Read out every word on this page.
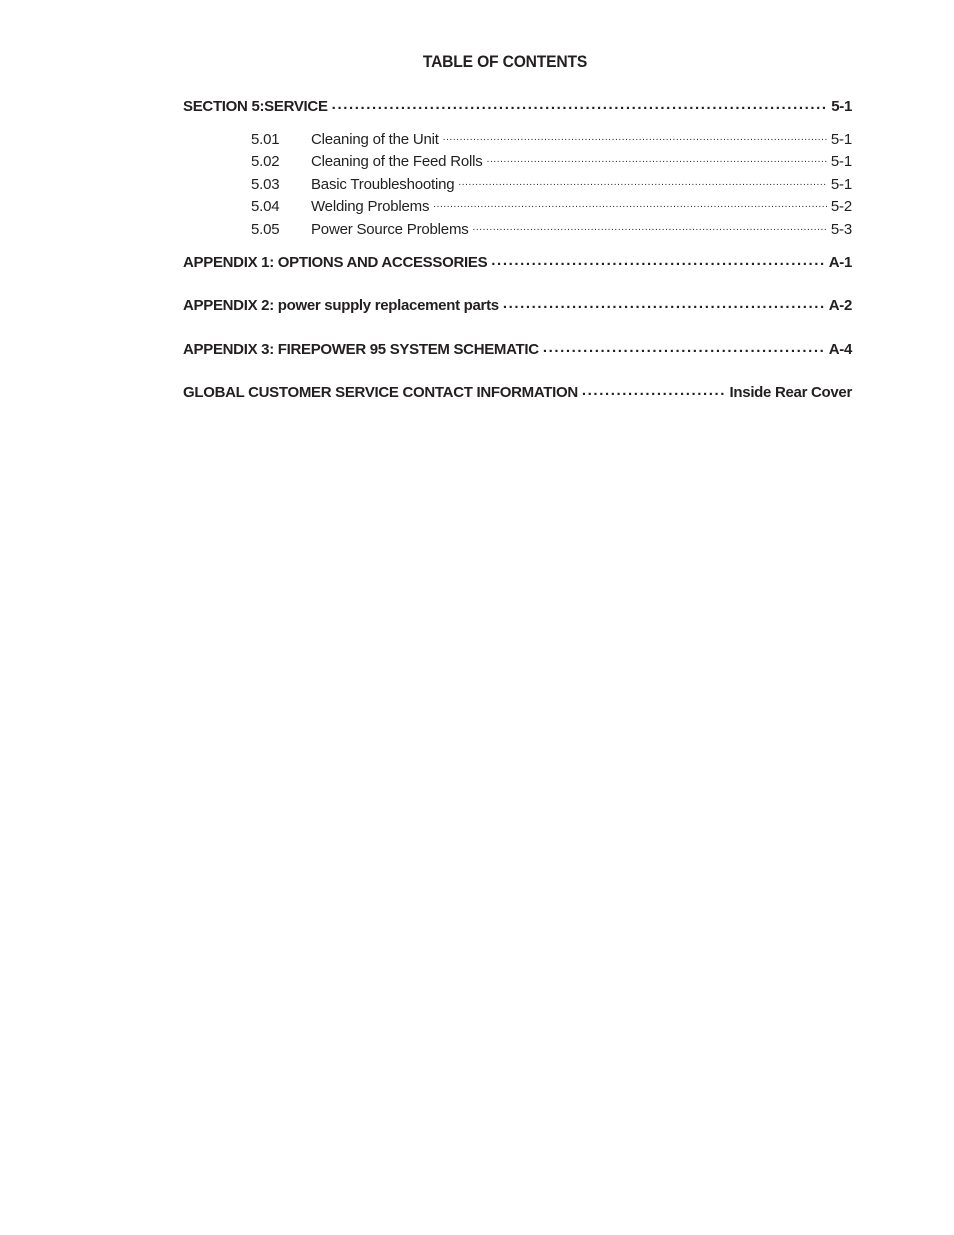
TABLE OF CONTENTS
SECTION 5:SERVICE .....	5-1
5.01	Cleaning of the Unit .....	5-1
5.02	Cleaning of the Feed Rolls .....	5-1
5.03	Basic Troubleshooting .....	5-1
5.04	Welding Problems .....	5-2
5.05	Power Source Problems .....	5-3
APPENDIX 1: OPTIONS AND ACCESSORIES .....	A-1
APPENDIX 2: power supply replacement parts .....	A-2
APPENDIX 3: FIREPOWER 95 SYSTEM SCHEMATIC .....	A-4
GLOBAL CUSTOMER SERVICE CONTACT INFORMATION .....	Inside Rear Cover
